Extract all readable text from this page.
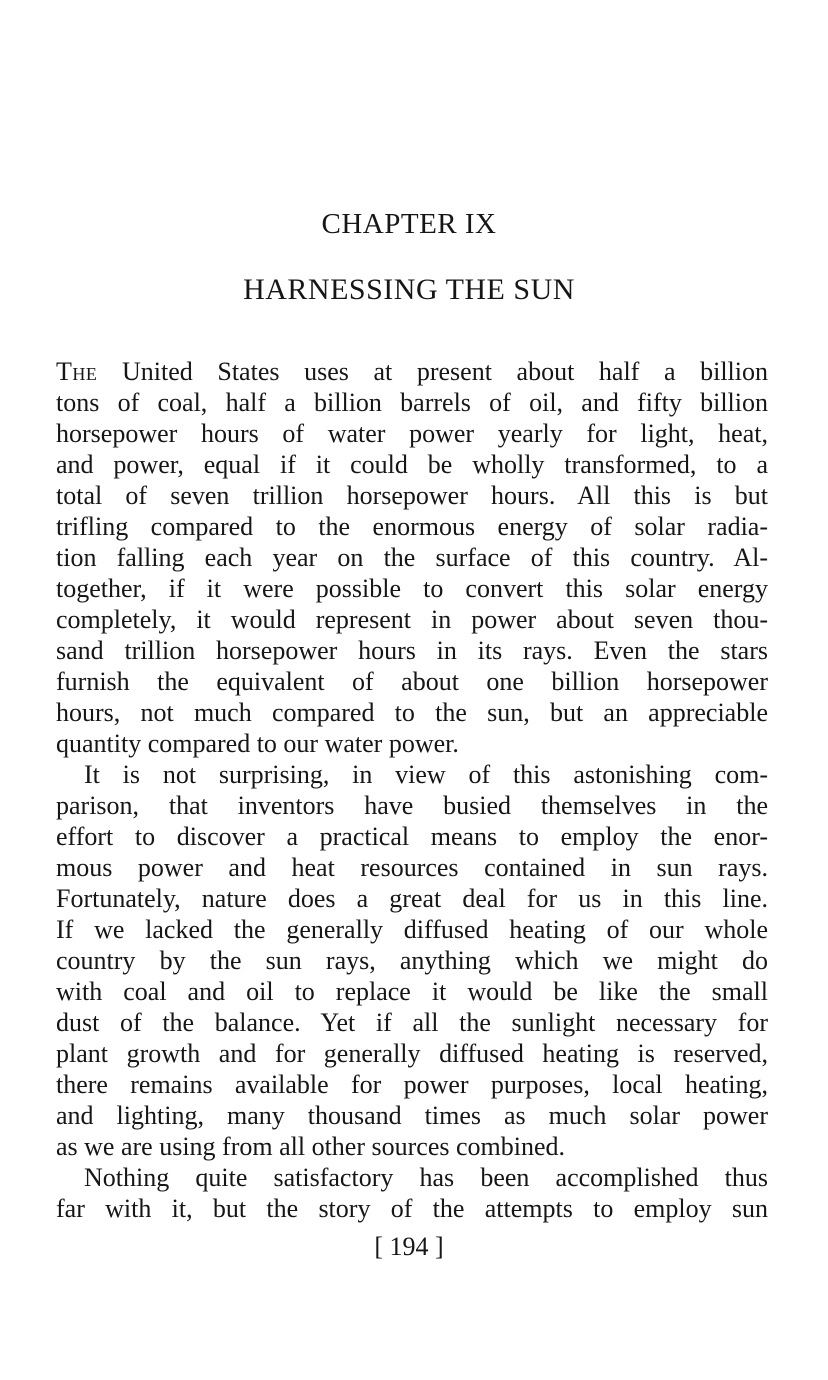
CHAPTER IX
HARNESSING THE SUN

The United States uses at present about half a billion
tons of coal, half a billion barrels of oil, and fifty billion
horsepower hours of water power yearly for light, heat,
and power, equal if it could be wholly transformed, to a
total of seven trillion horsepower hours. All this is but
trifling compared to the enormous energy of solar radia-
tion falling each year on the surface of this country. Al-
together, if it were possible to convert this solar energy
completely, it would represent in power about seven thou-
sand trillion horsepower hours in its rays. Even the stars
furnish the equivalent of about one billion horsepower
hours, not much compared to the sun, but an appreciable
quantity compared to our water power.

It is not surprising, in view of this astonishing com-
parison, that inventors have busied themselves in the
effort to discover a practical means to employ the enor-
mous power and heat resources contained in sun rays.
Fortunately, nature does a great deal for us in this line.
If we lacked the generally diffused heating of our whole
country by the sun rays, anything which we might do
with coal and oil to replace it would be like the small
dust of the balance. Yet if all the sunlight necessary for
plant growth and for generally diffused heating is reserved,
there remains available for power purposes, local heating,
and lighting, many thousand times as much solar power
as we are using from all other sources combined.

Nothing quite satisfactory has been accomplished thus
far with it, but the story of the attempts to employ sun

[ 194 ]
